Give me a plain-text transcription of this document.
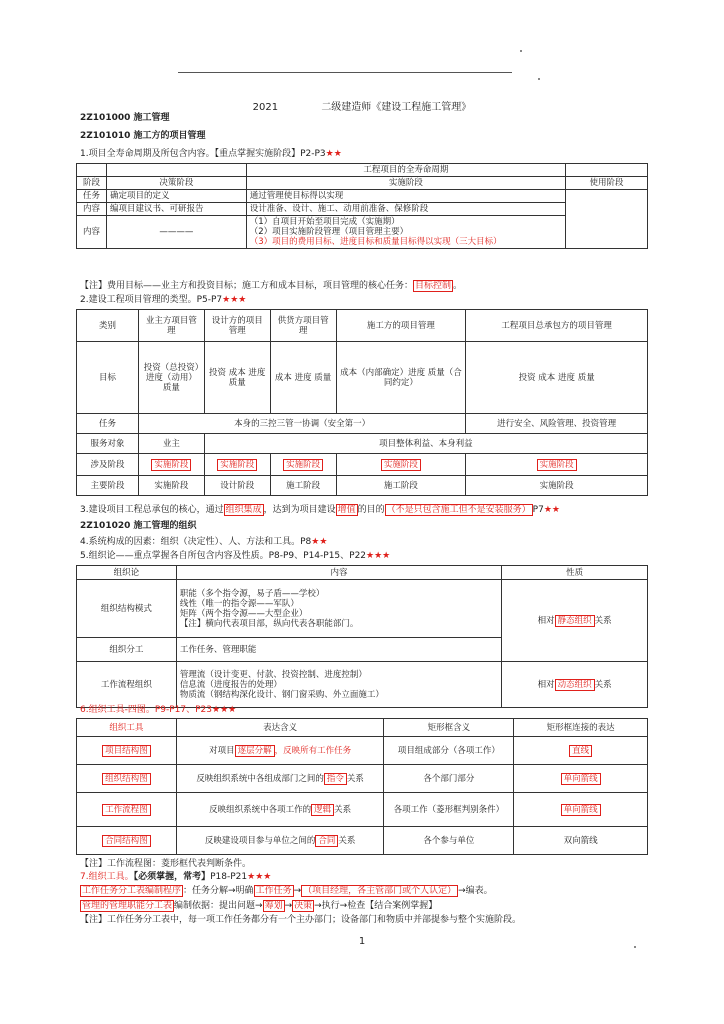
2021	二级建造师《建设工程施工管理》
2Z101000 施工管理
2Z101010 施工方的项目管理
1.项目全寿命周期及所包含内容。【重点掌握实施阶段】P2-P3★★
		工程项目的全寿命周期	
阶段	决策阶段	实施阶段	使用阶段
任务	确定项目的定义	通过管理使目标得以实现	
内容	编项目建议书、可研报告	设计准备、设计、施工、动用前准备、保修阶段	
内容	————	（1）自项目开始至项目完成（实施期）
（2）项目实施阶段管理（项目管理主要）
（3）项目的费用目标、进度目标和质量目标得以实现（三大目标）	
【注】费用目标——业主方和投资目标；施工方和成本目标，项目管理的核心任务： 目标控制 。
2.建设工程项目管理的类型。P5-P7★★★
类别	业主方项目管理	设计方的项目管理	供货方项目管理	施工方的项目管理	工程项目总承包方的项目管理
目标	投资（总投资）进度（动用）质量	投资 成本 进度 质量	成本 进度 质量	成本（内部确定）进度 质量（合同约定）	投资 成本 进度 质量
任务	本身的三控三管一协调（安全第一）				进行安全、风险管理、投资管理
服务对象	业主	项目整体利益、本身利益			
涉及阶段	实施阶段	实施阶段	实施阶段	实施阶段	实施阶段
主要阶段	实施阶段	设计阶段	施工阶段	施工阶段	实施阶段
3.建设项目工程总承包的核心，通过 组织集成 ，达到为项目建设 增值 的目的 （不是只包含施工但不是安装服务） P7★★
2Z101020 施工管理的组织
4.系统构成的因素：组织（决定性）、人、方法和工具。P8★★
5.组织论——重点掌握各自所包含内容及性质。P8-P9、P14-P15、P22★★★
组织论	内容	性质
组织结构模式	职能（多个指令源，易子盾——学校）
线性（唯一的指令源——军队）
矩阵（两个指令源——大型企业）
【注】横向代表项目部，纵向代表各职能部门。	相对 静态组织 关系
组织分工	工作任务、管理职能	
工作流程组织	管理流（设计变更、付款、投资控制、进度控制）
信息流（进度报告的处理）
物质流（钢结构深化设计、钢门窗采购、外立面施工）	相对 动态组织 关系
6.组织工具-四图。P9-P17、P23★★★
组织工具	表达含义	矩形框含义	矩形框连接的表达
项目结构图	对项目 逐层分解 ，反映所有工作任务	项目组成部分（各项工作）	直线
组织结构图	反映组织系统中各组成部门之间的 指令 关系	各个部门部分	单向箭线
工作流程图	反映组织系统中各项工作的 逻辑 关系	各项工作（菱形框判别条件）	单向箭线
合同结构图	反映建设项目参与单位之间的 合同 关系	各个参与单位	双向箭线
【注】工作流程图：菱形框代表判断条件。
7.组织工具。【必须掌握，常考】P18-P21★★★
工作任务分工表编制程序 ：任务分解→明确 工作任务 → （项目经理，各主管部门或个人认定） →编表。
管理的管理职能分工表 编制依据：提出问题→ 筹划 → 决策 →执行→检查【结合案例掌握】
【注】工作任务分工表中，每一项工作任务都分有一个主办部门；设备部门和物质中并部提参与整个实施阶段。
1
